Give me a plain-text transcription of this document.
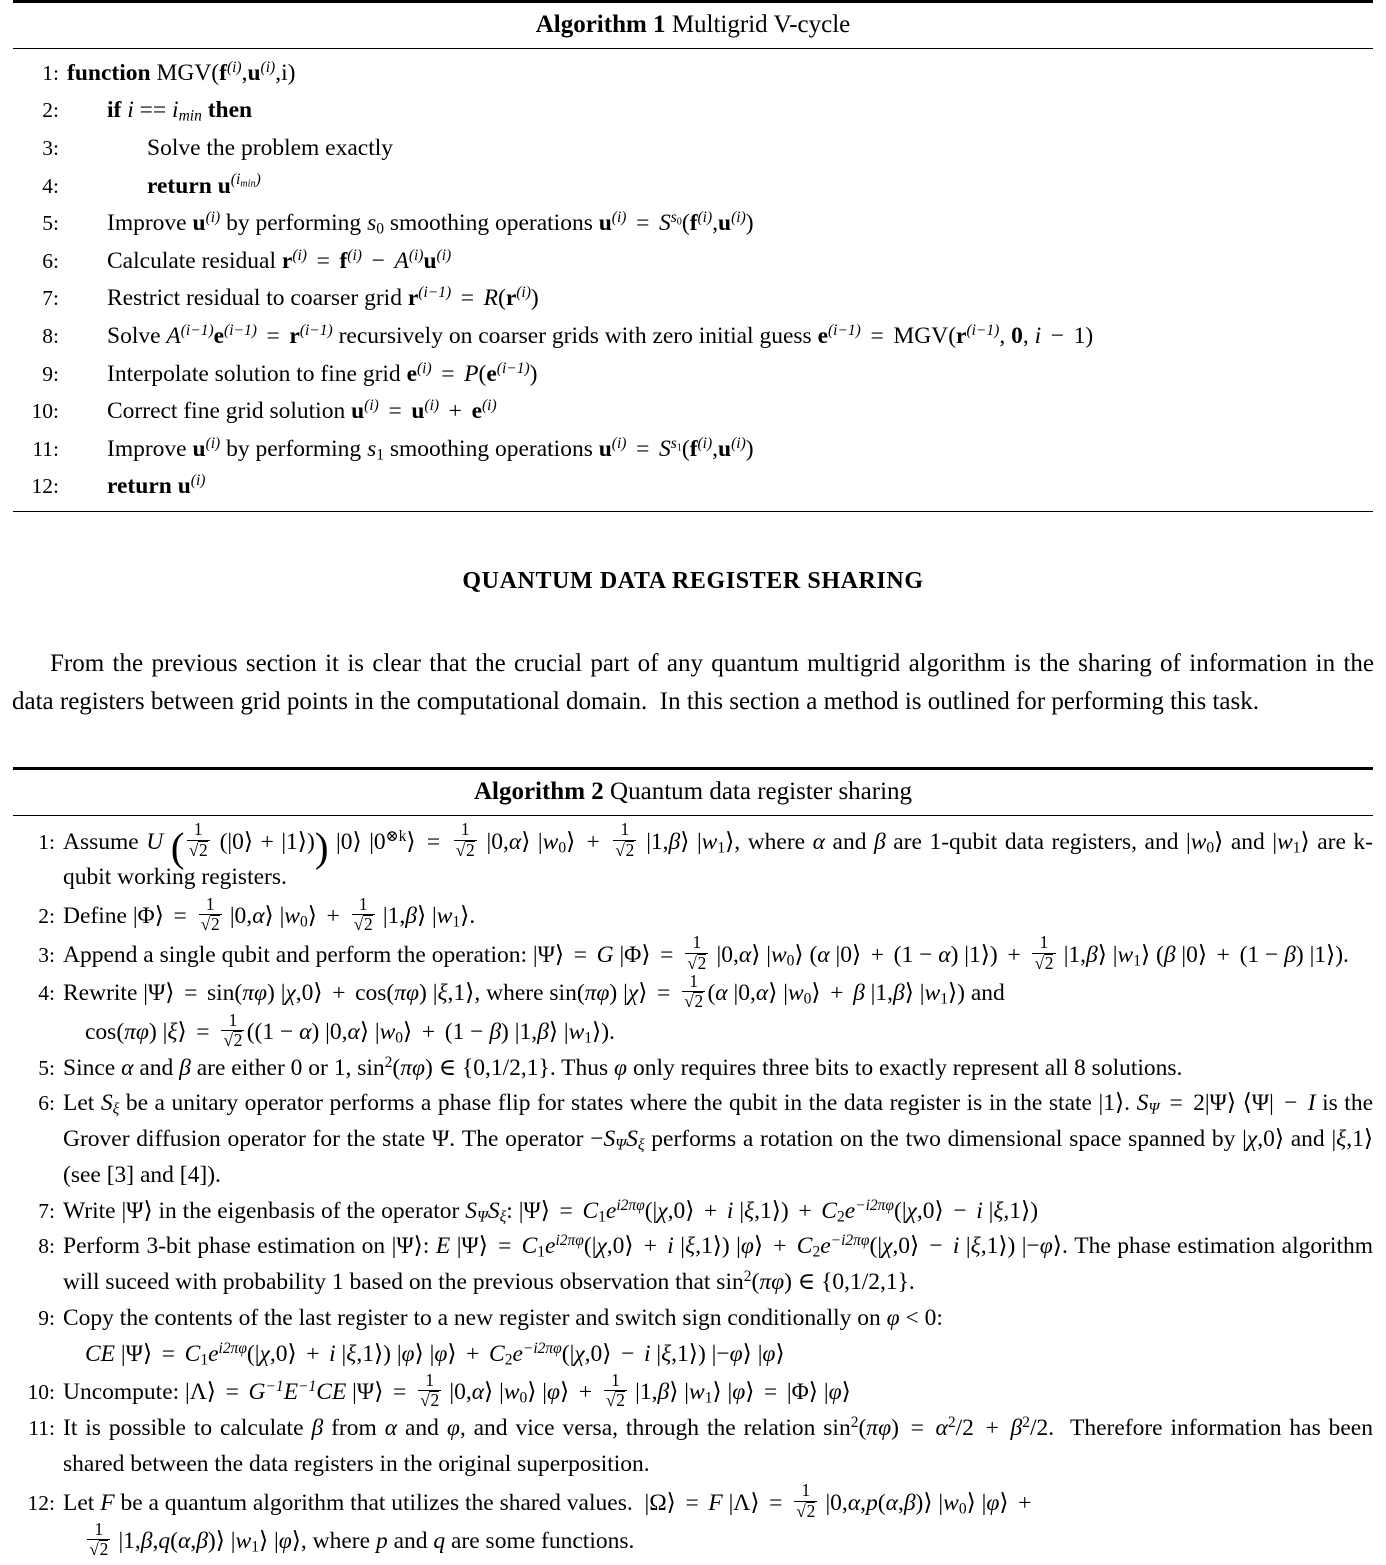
Algorithm 1 Multigrid V-cycle
1: function $MGV(f^{(i)},u^{(i)},i)$
2:	if $i == i_{min}$ then
3:	Solve the problem exactly
4:	return $u^{(i_{min})}$
5:	Improve $u^{(i)}$ by performing $s_0$ smoothing operations $u^{(i)} = S^{s_0}(f^{(i)},u^{(i)})$
6:	Calculate residual $r^{(i)} = f^{(i)} - A^{(i)}u^{(i)}$
7:	Restrict residual to coarser grid $r^{(i-1)} = R(r^{(i)})$
8:	Solve $A^{(i-1)}e^{(i-1)} = r^{(i-1)}$ recursively on coarser grids with zero initial guess $e^{(i-1)} = MGV(r^{(i-1)}$, 0, i − 1)
9:	Interpolate solution to fine grid $e^{(i)} = P(e^{(i-1)})$
10:	Correct fine grid solution $u^{(i)} = u^{(i)} + e^{(i)}$
11:	Improve $u^{(i)}$ by performing $s_1$ smoothing operations $u^{(i)} = S^{s_1}(f^{(i)},u^{(i)})$
12:	return $u^{(i)}$
QUANTUM DATA REGISTER SHARING

From the previous section it is clear that the crucial part of any quantum multigrid algorithm is the sharing of information in the data registers between grid points in the computational domain. In this section a method is outlined for performing this task.

Algorithm 2 Quantum data register sharing
1: Assume U ( $\frac{1}{√2}$ (|0⟩ + |1⟩)) |0⟩ $|0^{\otimes k}⟩ = \frac{1}{√2}$ |0,α⟩ $|w_0⟩ + \frac{1}{√2}$ |1,β⟩ $|w_1⟩$, where α and β are 1-qubit data registers, and $|w_0⟩$ and $|w_1⟩$ are k-qubit working registers.
2: Define |Φ⟩ = $\frac{1}{√2}$ |0,α⟩ $|w_0⟩ + \frac{1}{√2}$ |1,β⟩ $|w_1⟩$.
3: Append a single qubit and perform the operation: |Ψ⟩ = G |Φ⟩ = $\frac{1}{√2}$ |0,α⟩ $|w_0⟩$ (α |0⟩ + (1 − α) |1⟩) + $\frac{1}{√2}$ |1,β⟩ $|w_1⟩$ (β |0⟩ + (1 − β) |1⟩).
4: Rewrite |Ψ⟩ = sin(πφ) |χ,0⟩ + cos(πφ) |ξ,1⟩, where sin(πφ) |χ⟩ = $\frac{1}{√2} (\alpha$ |0,α⟩ $|w_0⟩ + \beta$ |1,β⟩ $|w_1⟩$) and
cos(πφ) |ξ⟩ = $\frac{1}{√2} ((1 - \alpha)$ |0,α⟩ $|w_0⟩ + (1 - \beta)$ |1,β⟩ $|w_1⟩$).
5: Since α and β are either 0 or 1, $\sin^2(\pi\varphi)$ ∈ {0,1/2,1}. Thus φ only requires three bits to exactly represent all 8 solutions.
6: Let $S_\xi$ be a unitary operator performs a phase flip for states where the qubit in the data register is in the state |1⟩. $S_\Psi$ = 2|Ψ⟩ ⟨Ψ| − I is the Grover diffusion operator for the state Ψ. The operator $-S_\Psi S_\xi$ performs a rotation on the two dimensional space spanned by |χ,0⟩ and |ξ,1⟩ (see [3] and [4]).
7: Write |Ψ⟩ in the eigenbasis of the operator $S_\Psi S_\xi$: |Ψ⟩ = $C_1e^{i2\pi\varphi}(|\chi,0⟩ + i$ |ξ,1⟩) + $C_2e^{-i2\pi\varphi}(|\chi,0⟩ - i$ |ξ,1⟩)
8: Perform 3-bit phase estimation on |Ψ⟩: E |Ψ⟩ = $C_1e^{i2\pi\varphi}(|\chi,0⟩ + i$ |ξ,1⟩) |φ⟩ + $C_2e^{-i2\pi\varphi}(|\chi,0⟩ - i$ |ξ,1⟩) |−φ⟩. The phase estimation algorithm will suceed with probability 1 based on the previous observation that $\sin^2(\pi\varphi)$ ∈ {0,1/2,1}.
9: Copy the contents of the last register to a new register and switch sign conditionally on φ < 0:
CE |Ψ⟩ = $C_1e^{i2\pi\varphi}(|\chi,0⟩ + i$ |ξ,1⟩) |φ⟩ |φ⟩ + $C_2e^{-i2\pi\varphi}(|\chi,0⟩ - i$ |ξ,1⟩) |−φ⟩ |φ⟩
10: Uncompute: |Λ⟩ = $G^{-1}E^{-1}CE$ |Ψ⟩ = $\frac{1}{√2}$ |0,α⟩ $|w_0⟩$ |φ⟩ + $\frac{1}{√2}$ |1,β⟩ $|w_1⟩$ |φ⟩ = |Φ⟩ |φ⟩
11: It is possible to calculate β from α and φ, and vice versa, through the relation $\sin^2(\pi\varphi) = \alpha^2/2 + \beta^2/2$. Therefore information has been shared between the data registers in the original superposition.
12: Let F be a quantum algorithm that utilizes the shared values. |Ω⟩ = F |Λ⟩ = $\frac{1}{√2}$ |0,α,p(α,β)⟩ $|w_0⟩$ |φ⟩ +
$\frac{1}{√2}$ |1,β,q(α,β)⟩ $|w_1⟩$ |φ⟩, where p and q are some functions.
